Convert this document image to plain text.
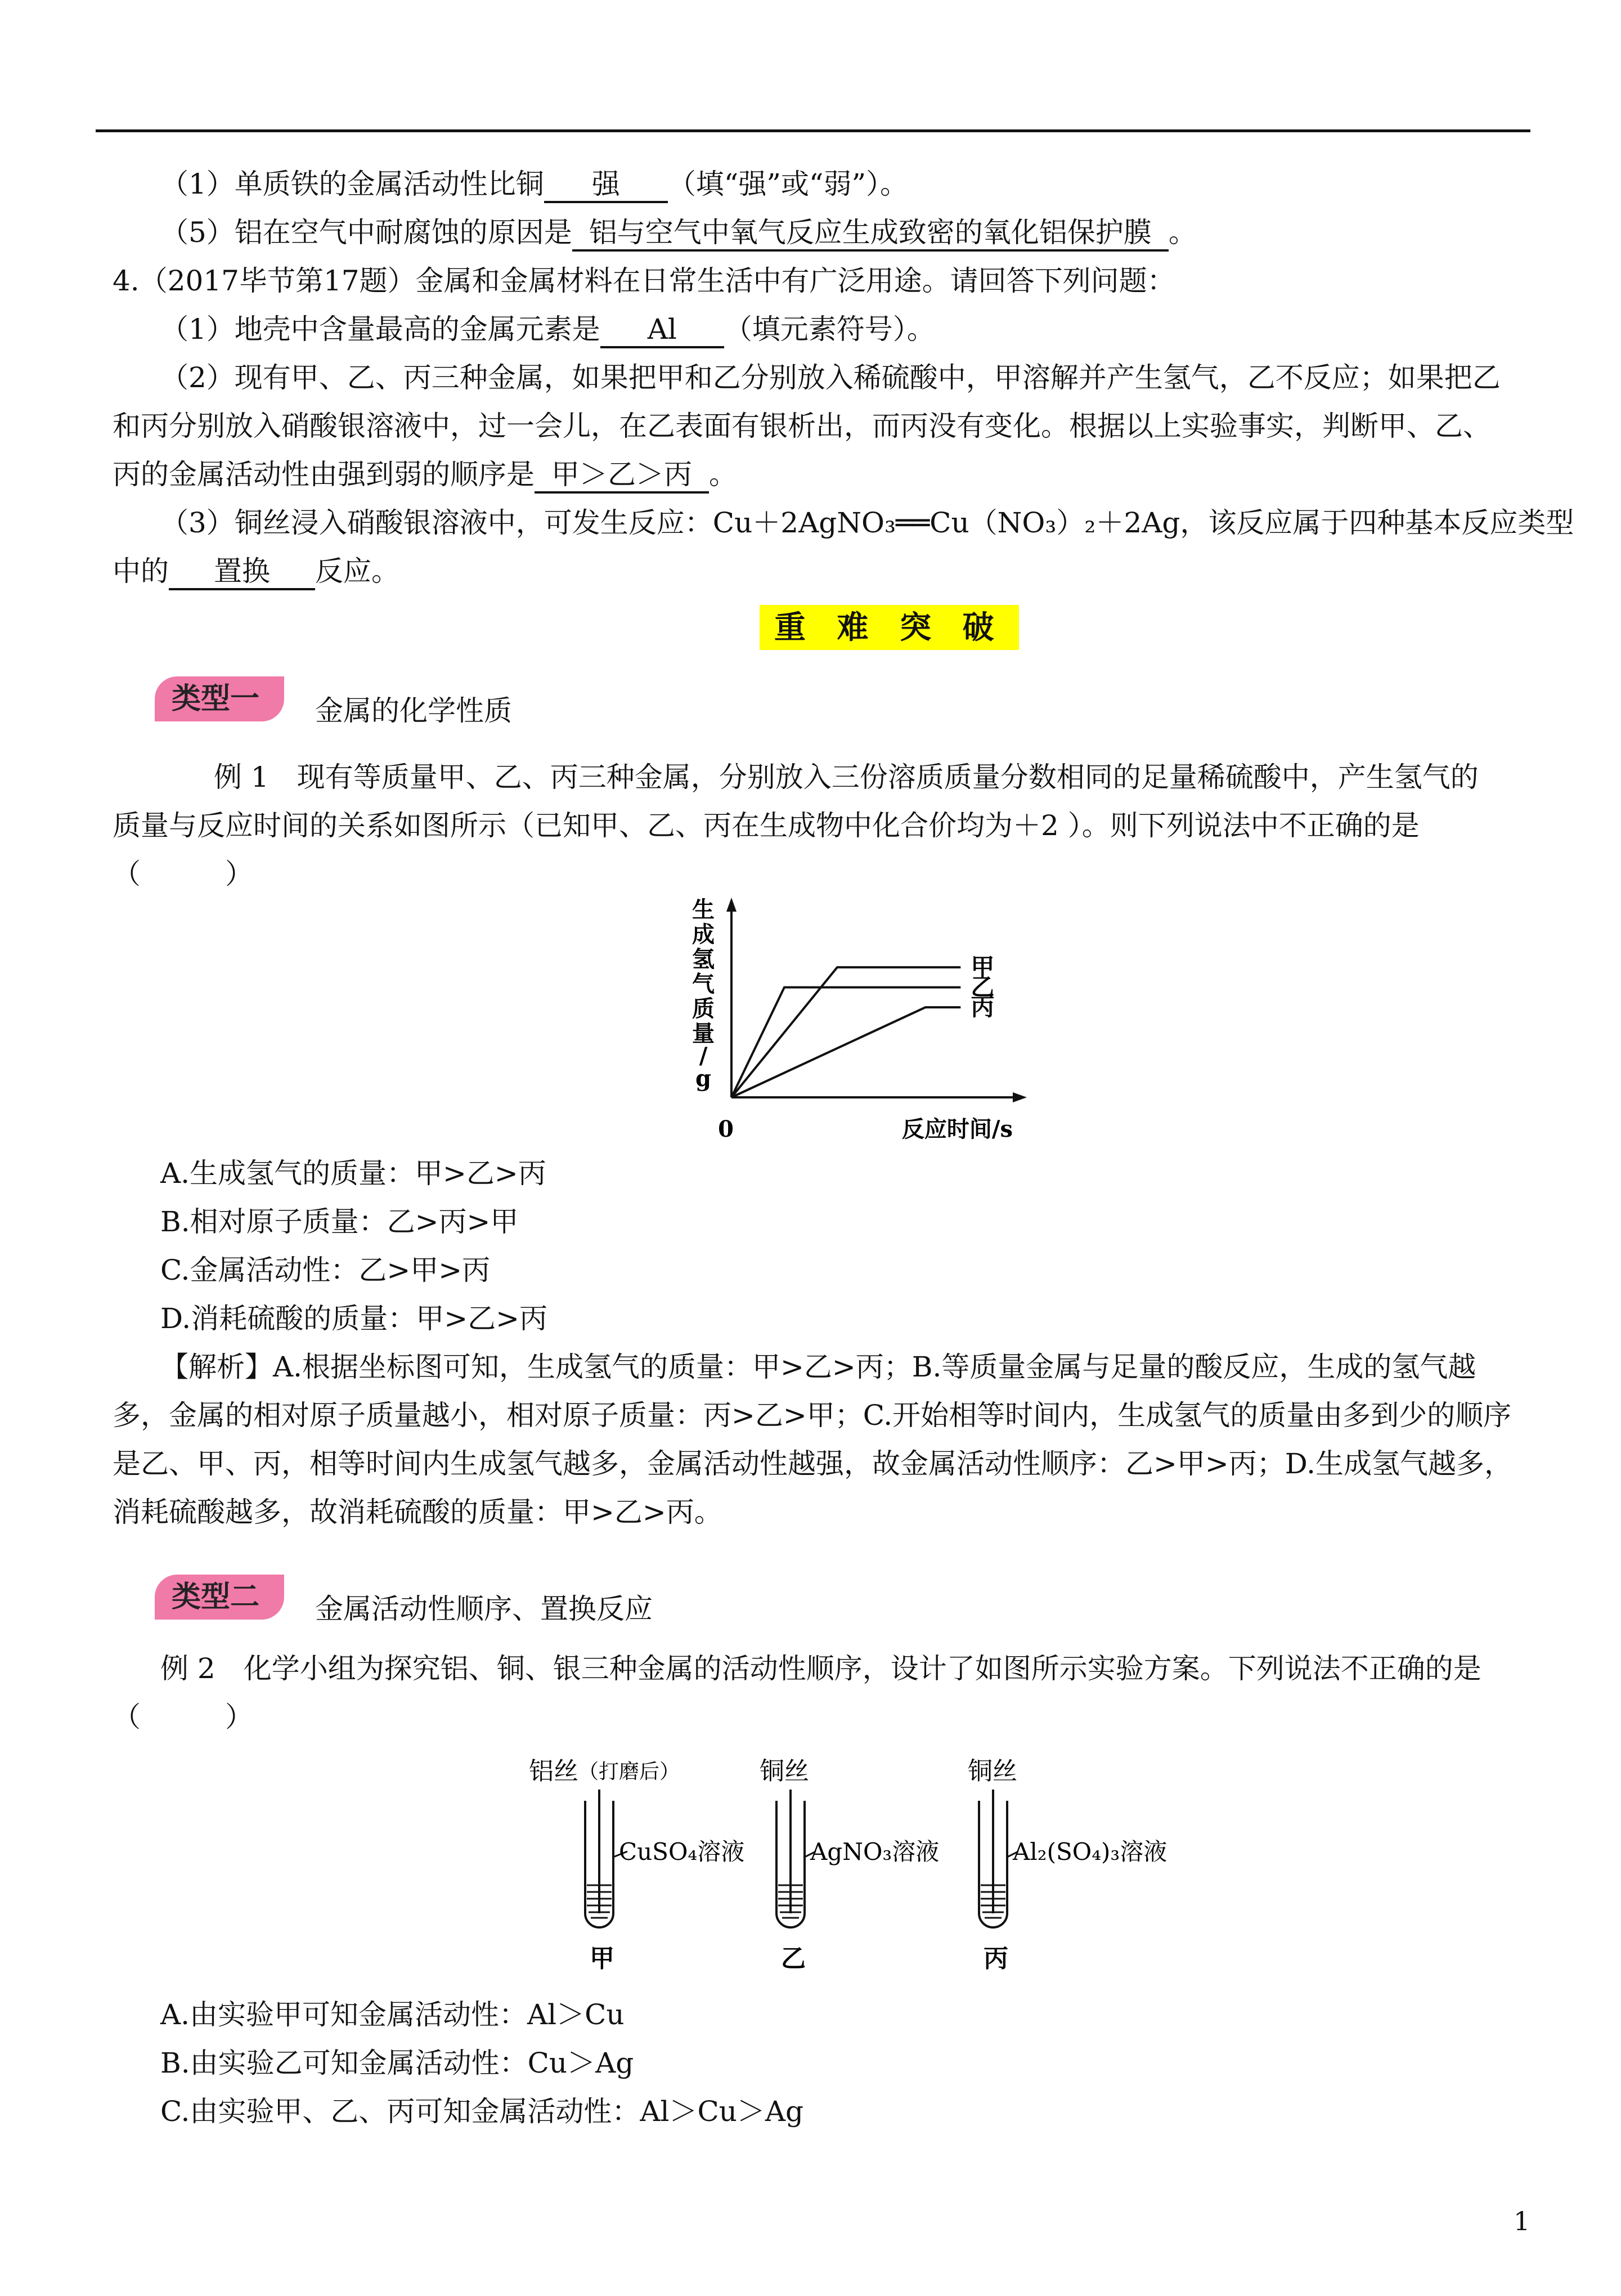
（1）单质铁的金属活动性比铜 强 （填“强”或“弱”）。
（5）铝在空气中耐腐蚀的原因是 铝与空气中氧气反应生成致密的氧化铝保护膜 。
4.（2017毕节第17题）金属和金属材料在日常生活中有广泛用途。请回答下列问题：
（1）地壳中含量最高的金属元素是 Al （填元素符号）。
（2）现有甲、乙、丙三种金属，如果把甲和乙分别放入稀硫酸中，甲溶解并产生氢气，乙不反应；如果把乙
和丙分别放入硝酸银溶液中，过一会儿，在乙表面有银析出，而丙没有变化。根据以上实验事实，判断甲、乙、
丙的金属活动性由强到弱的顺序是 甲＞乙＞丙 。
（3）铜丝浸入硝酸银溶液中，可发生反应：Cu＋2AgNO₃══Cu（NO₃）₂＋2Ag，该反应属于四种基本反应类型
中的 置换 反应。
重 难 突 破
类型一 金属的化学性质
例 1　现有等质量甲、乙、丙三种金属，分别放入三份溶质质量分数相同的足量稀硫酸中，产生氢气的
质量与反应时间的关系如图所示（已知甲、乙、丙在生成物中化合价均为＋2 ）。则下列说法中不正确的是
（　　　）
生成氢气质量/ g
反应时间/s
0
甲
乙
丙
A.生成氢气的质量：甲>乙>丙
B.相对原子质量：乙>丙>甲
C.金属活动性：乙>甲>丙
D.消耗硫酸的质量：甲>乙>丙
【解析】A.根据坐标图可知，生成氢气的质量：甲>乙>丙；B.等质量金属与足量的酸反应，生成的氢气越
多，金属的相对原子质量越小，相对原子质量：丙>乙>甲；C.开始相等时间内，生成氢气的质量由多到少的顺序
是乙、甲、丙，相等时间内生成氢气越多，金属活动性越强，故金属活动性顺序：乙>甲>丙；D.生成氢气越多，
消耗硫酸越多，故消耗硫酸的质量：甲>乙>丙。
类型二 金属活动性顺序、置换反应
例 2　化学小组为探究铝、铜、银三种金属的活动性顺序，设计了如图所示实验方案。下列说法不正确的是
（　　　）
铝丝 （打磨后）
CuSO₄溶液
甲
铜丝
AgNO₃溶液
乙
铜丝
Al₂(SO₄)₃溶液
丙
A.由实验甲可知金属活动性：Al＞Cu
B.由实验乙可知金属活动性：Cu＞Ag
C.由实验甲、乙、丙可知金属活动性：Al＞Cu＞Ag
1
